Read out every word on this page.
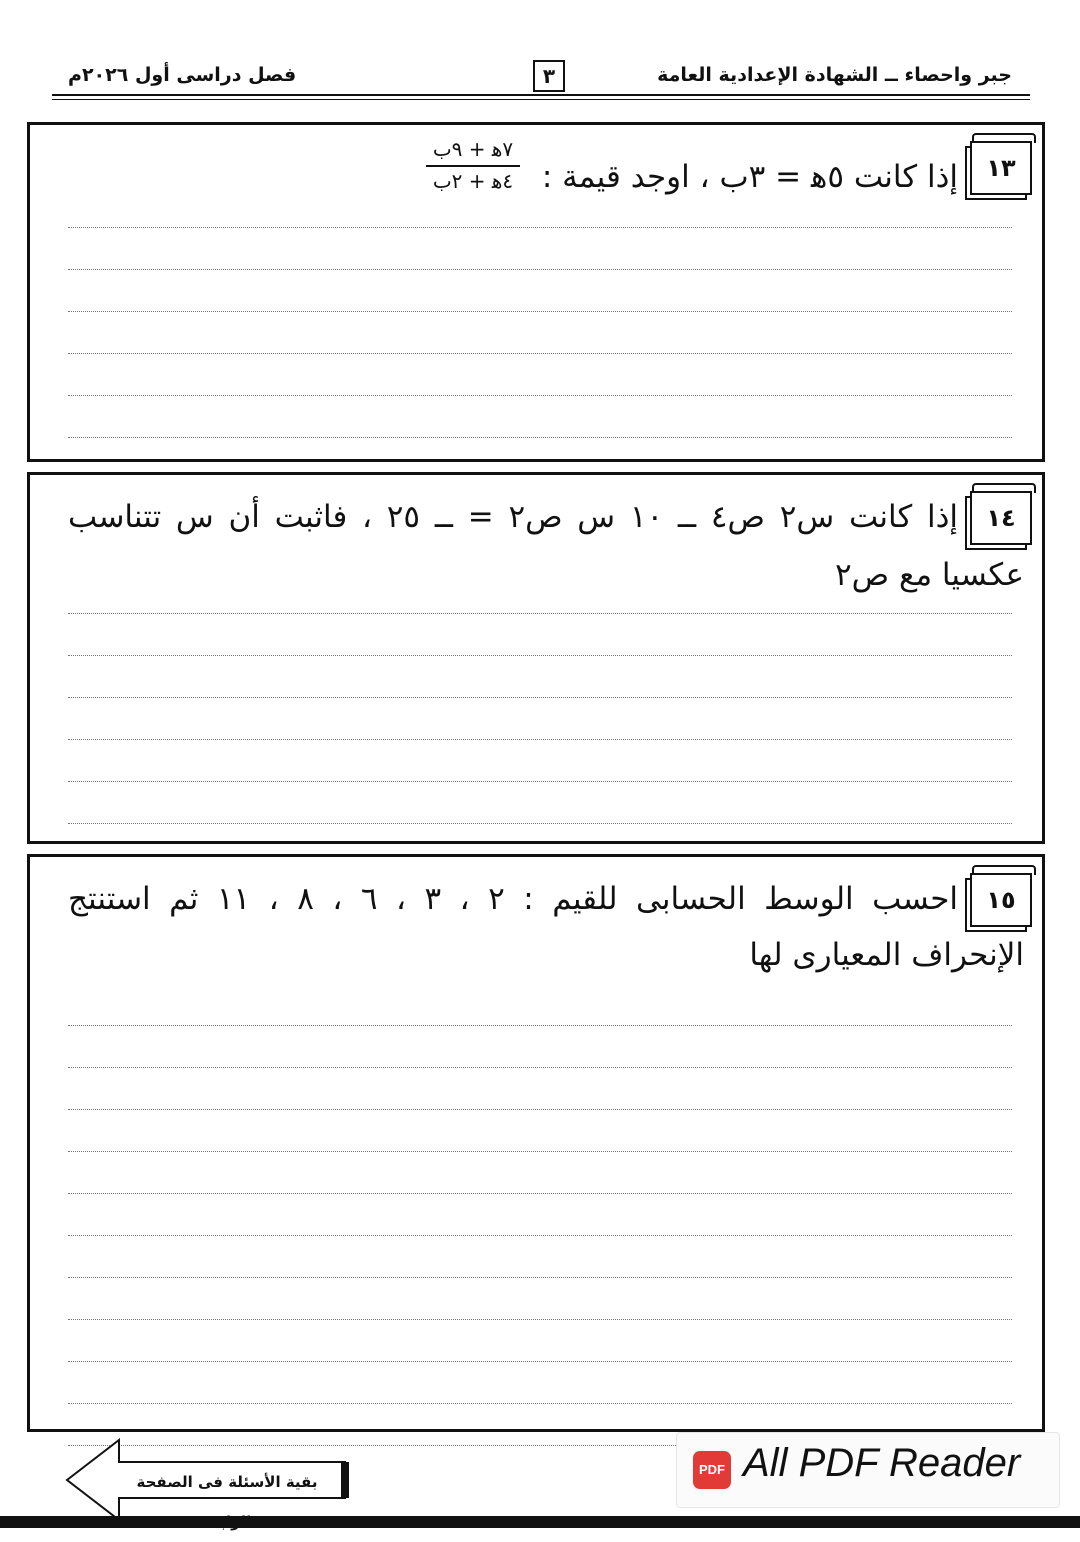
جبر واحصاء ــ الشهادة الإعدادية العامة
٣
فصل دراسى أول ٢٠٢٦م
١٣
إذا كانت ٥ﻫ = ٣ب ، اوجد قيمة :
٧ﻫ + ٩ب
٤ﻫ + ٢ب
١٤
إذا كانت س٢ ص٤ ــ ١٠ س ص٢ = ــ ٢٥ ، فاثبت أن س تتناسب
عكسيا مع ص٢
١٥
احسب الوسط الحسابى للقيم : ٢ ، ٣ ، ٦ ، ٨ ، ١١ ثم استنتج
الإنحراف المعيارى لها
بقية الأسئلة فى الصفحة
PDF All PDF Reader
